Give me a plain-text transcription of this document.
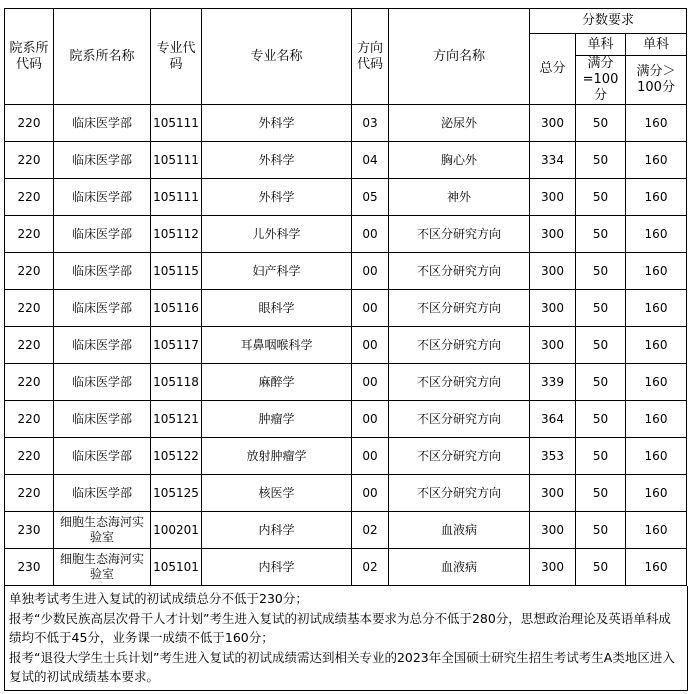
院系所代码	院系所名称	专业代码	专业名称	方向代码	方向名称	分数要求		
						总分	单科	单科
							满分=100分	满分＞100分
220	临床医学部	105111	外科学	03	泌尿外	300	50	160
220	临床医学部	105111	外科学	04	胸心外	334	50	160
220	临床医学部	105111	外科学	05	神外	300	50	160
220	临床医学部	105112	儿外科学	00	不区分研究方向	300	50	160
220	临床医学部	105115	妇产科学	00	不区分研究方向	300	50	160
220	临床医学部	105116	眼科学	00	不区分研究方向	300	50	160
220	临床医学部	105117	耳鼻咽喉科学	00	不区分研究方向	300	50	160
220	临床医学部	105118	麻醉学	00	不区分研究方向	339	50	160
220	临床医学部	105121	肿瘤学	00	不区分研究方向	364	50	160
220	临床医学部	105122	放射肿瘤学	00	不区分研究方向	353	50	160
220	临床医学部	105125	核医学	00	不区分研究方向	300	50	160
230	细胞生态海河实验室	100201	内科学	02	血液病	300	50	160
230	细胞生态海河实验室	105101	内科学	02	血液病	300	50	160
单独考试考生进入复试的初试成绩总分不低于230分；
报考“少数民族高层次骨干人才计划”考生进入复试的初试成绩基本要求为总分不低于280分，思想政治理论及英语单科成绩均不低于45分，业务课一成绩不低于160分；
报考“退役大学生士兵计划”考生进入复试的初试成绩需达到相关专业的2023年全国硕士研究生招生考试考生A类地区进入复试的初试成绩基本要求。
